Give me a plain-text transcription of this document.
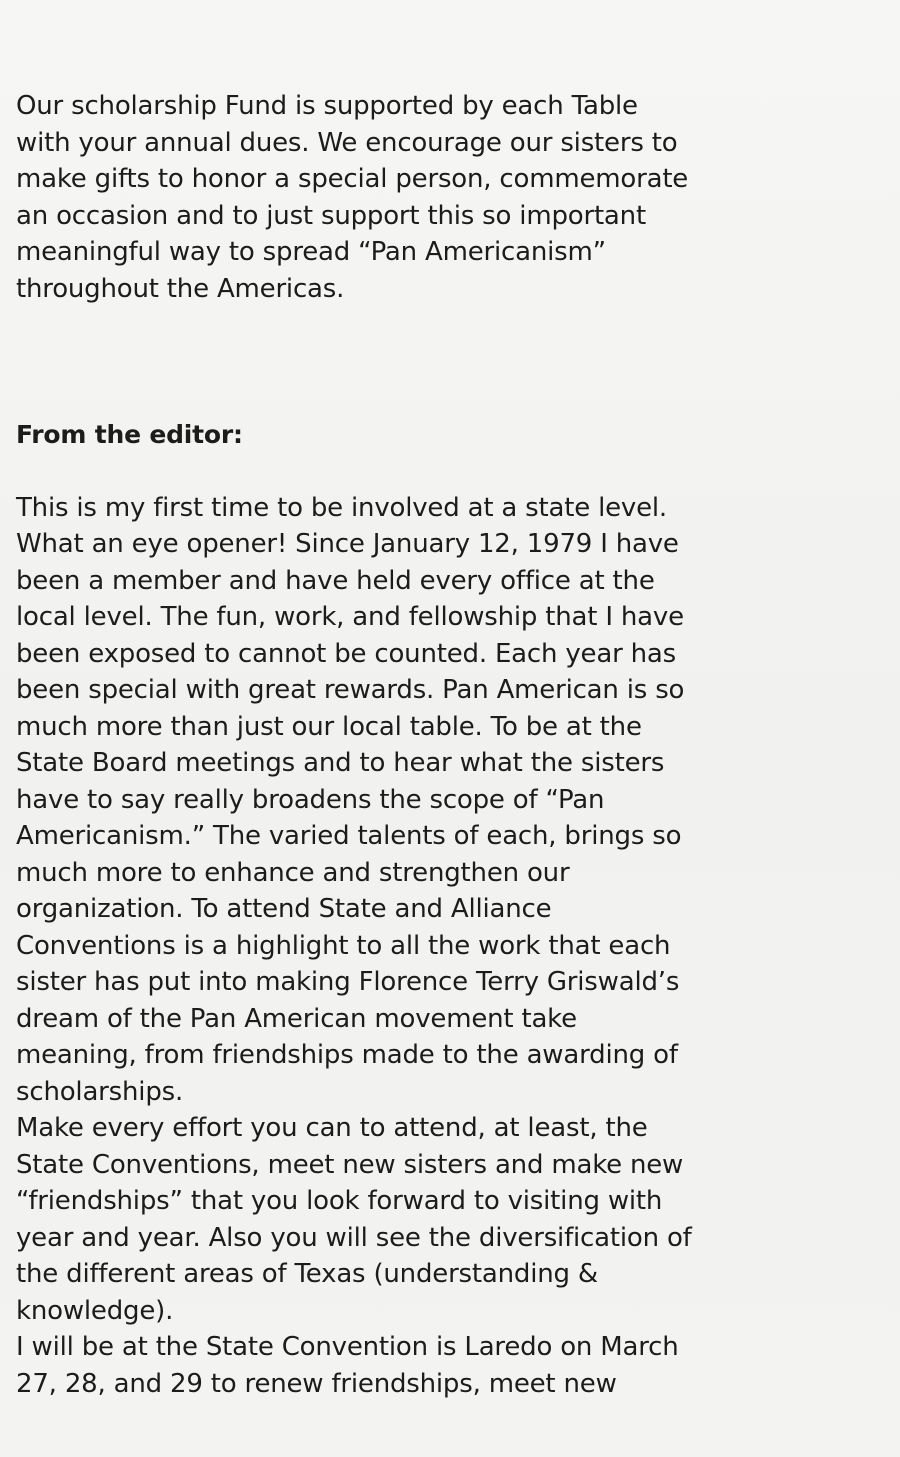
Our scholarship Fund is supported by each Table
with your annual dues. We encourage our sisters to
make gifts to honor a special person, commemorate
an occasion and to just support this so important
meaningful way to spread “Pan Americanism”
throughout the Americas.

From the editor:

This is my first time to be involved at a state level.
What an eye opener! Since January 12, 1979 I have
been a member and have held every office at the
local level. The fun, work, and fellowship that I have
been exposed to cannot be counted. Each year has
been special with great rewards. Pan American is so
much more than just our local table. To be at the
State Board meetings and to hear what the sisters
have to say really broadens the scope of “Pan
Americanism.” The varied talents of each, brings so
much more to enhance and strengthen our
organization. To attend State and Alliance
Conventions is a highlight to all the work that each
sister has put into making Florence Terry Griswald’s
dream of the Pan American movement take
meaning, from friendships made to the awarding of
scholarships.

Make every effort you can to attend, at least, the
State Conventions, meet new sisters and make new
“friendships” that you look forward to visiting with
year and year. Also you will see the diversification of
the different areas of Texas (understanding &
knowledge).

I will be at the State Convention is Laredo on March
27, 28, and 29 to renew friendships, meet new
